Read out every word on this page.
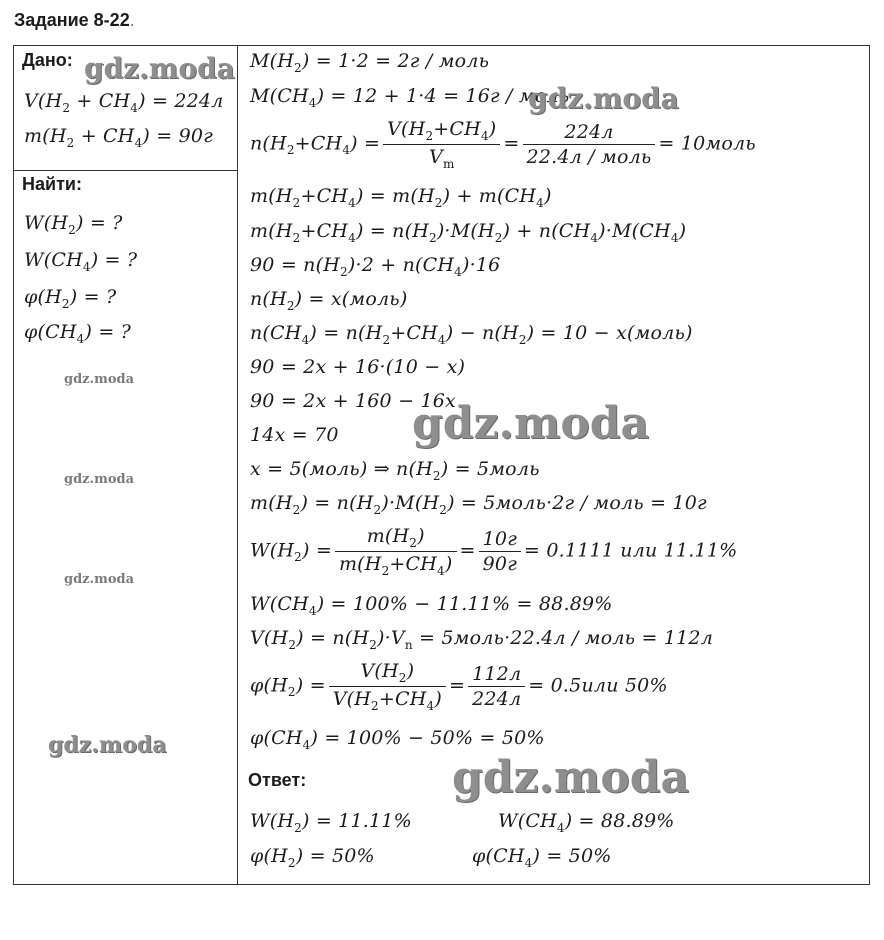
Задание 8-22.
Дано:
$V(H_2 + CH_4) = 224л$
$m(H_2 + CH_4) = 90г$
Найти:
$W(H_2)$ = ?
$W(CH_4)$ = ?
$\varphi(H_2)$ = ?
$\varphi(CH_4)$ = ?
$M(H_2) = 1\cdot 2 = 2г$ / моль
$M(CH_4) = 12 + 1\cdot 4 = 16г$ / моль
$n(H_2+CH_4) = \frac{V(H_2+CH_4)}{V_m} = \frac{224л}{\text{22.4л / моль}}$ = 10моль
$m(H_2+CH_4) = m(H_2) + m(CH_4)$
$m(H_2+CH_4) = n(H_2)\cdot M(H_2) + n(CH_4)\cdot M(CH_4)$
$90 = n(H_2)\cdot 2 + n(CH_4)\cdot 16$
$n(H_2)$ = x(моль)
$n(CH_4) = n(H_2+CH_4) - n(H_2) = 10$ − x(моль)
90 = 2x + 16·(10 − x)
90 = 2x + 160 − 16x
14x = 70
x = 5(моль) ⇒ $n(H_2)$ = 5моль
$m(H_2) = n(H_2)\cdot M(H_2)$ = 5моль·2г / моль = 10г
$W(H_2) = \frac{m(H_2)}{m(H_2+CH_4)} = \frac{10г}{90г} = 0.1111$ или 11.11%
$W(CH_4) = 100\% - 11.11\% = 88.89\%$
$V(H_2) = n(H_2)\cdot V_n$ = 5моль·22.4л / моль = 112л
$\varphi(H_2) = \frac{V(H_2)}{V(H_2+CH_4)} = \frac{112л}{224л} = 0.5или$ 50%
$\varphi(CH_4) = 100\% - 50\% = 50\%$
Ответ:
$W(H_2) = 11.11\%$	$W(CH_4) = 88.89\%$
$\varphi(H_2) = 50\%$	$\varphi(CH_4) = 50\%$
gdz.moda
gdz.moda
gdz.moda
gdz.moda
gdz.moda
gdz.moda
gdz.moda
gdz.moda
